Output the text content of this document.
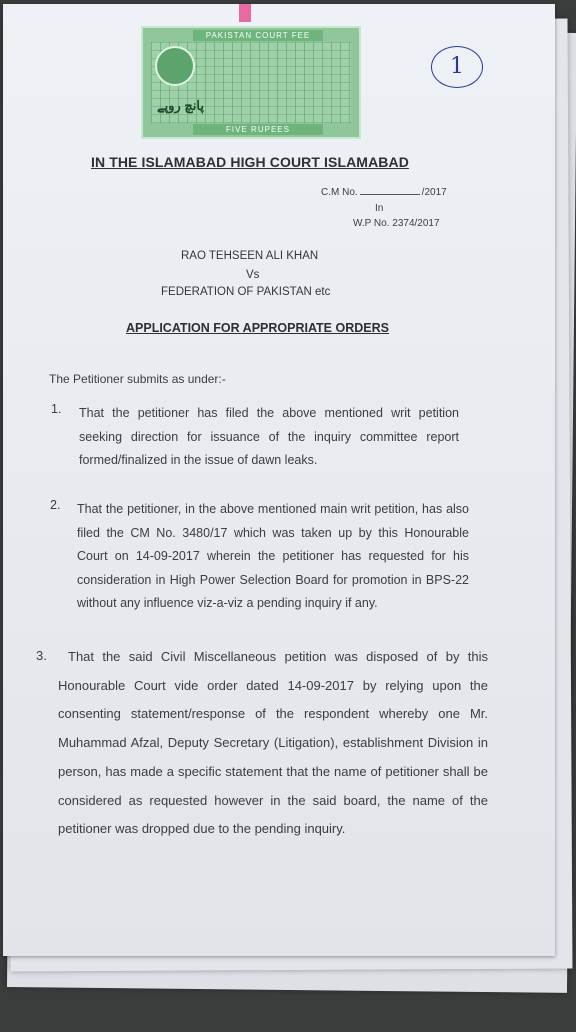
PAKISTAN COURT FEE
پانچ روپے
FIVE RUPEES
1
IN THE ISLAMABAD HIGH COURT ISLAMABAD
C.M No.	/2017
In
W.P No. 2374/2017
RAO TEHSEEN ALI KHAN
Vs
FEDERATION OF PAKISTAN etc
APPLICATION FOR APPROPRIATE ORDERS
The Petitioner submits as under:-
1. That the petitioner has filed the above mentioned writ petition seeking direction for issuance of the inquiry committee report formed/finalized in the issue of dawn leaks.
2. That the petitioner, in the above mentioned main writ petition, has also filed the CM No. 3480/17 which was taken up by this Honourable Court on 14-09-2017 wherein the petitioner has requested for his consideration in High Power Selection Board for promotion in BPS-22 without any influence viz-a-viz a pending inquiry if any.
3.	That the said Civil Miscellaneous petition was disposed of by this Honourable Court vide order dated 14-09-2017 by relying upon the consenting statement/response of the respondent whereby one Mr. Muhammad Afzal, Deputy Secretary (Litigation), establishment Division in person, has made a specific statement that the name of petitioner shall be considered as requested however in the said board, the name of the petitioner was dropped due to the pending inquiry.
